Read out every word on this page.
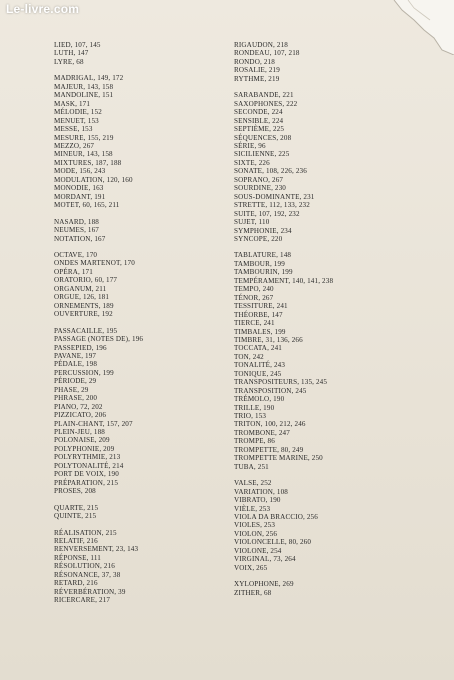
Le-livre.com
LIED, 107, 145
LUTH, 147
LYRE, 68
MADRIGAL, 149, 172
MAJEUR, 143, 158
MANDOLINE, 151
MASK, 171
MÉLODIE, 152
MENUET, 153
MESSE, 153
MESURE, 155, 219
MEZZO, 267
MINEUR, 143, 158
MIXTURES, 187, 188
MODE, 156, 243
MODULATION, 120, 160
MONODIE, 163
MORDANT, 191
MOTET, 60, 165, 211
NASARD, 188
NEUMES, 167
NOTATION, 167
OCTAVE, 170
ONDES MARTENOT, 170
OPÉRA, 171
ORATORIO, 60, 177
ORGANUM, 211
ORGUE, 126, 181
ORNEMENTS, 189
OUVERTURE, 192
PASSACAILLE, 195
PASSAGE (NOTES DE), 196
PASSEPIED, 196
PAVANE, 197
PÉDALE, 198
PERCUSSION, 199
PÉRIODE, 29
PHASE, 29
PHRASE, 200
PIANO, 72, 202
PIZZICATO, 206
PLAIN-CHANT, 157, 207
PLEIN-JEU, 188
POLONAISE, 209
POLYPHONIE, 209
POLYRYTHMIE, 213
POLYTONALITÉ, 214
PORT DE VOIX, 190
PRÉPARATION, 215
PROSES, 208
QUARTE, 215
QUINTE, 215
RÉALISATION, 215
RELATIF, 216
RENVERSEMENT, 23, 143
RÉPONSE, 111
RÉSOLUTION, 216
RÉSONANCE, 37, 38
RETARD, 216
RÉVERBÉRATION, 39
RICERCARE, 217
RIGAUDON, 218
RONDEAU, 107, 218
RONDO, 218
ROSALIE, 219
RYTHME, 219
SARABANDE, 221
SAXOPHONES, 222
SECONDE, 224
SENSIBLE, 224
SEPTIÈME, 225
SÉQUENCES, 208
SÉRIE, 96
SICILIENNE, 225
SIXTE, 226
SONATE, 108, 226, 236
SOPRANO, 267
SOURDINE, 230
SOUS-DOMINANTE, 231
STRETTE, 112, 133, 232
SUITE, 107, 192, 232
SUJET, 110
SYMPHONIE, 234
SYNCOPE, 220
TABLATURE, 148
TAMBOUR, 199
TAMBOURIN, 199
TEMPÉRAMENT, 140, 141, 238
TEMPO, 240
TÉNOR, 267
TESSITURE, 241
THÉORBE, 147
TIERCE, 241
TIMBALES, 199
TIMBRE, 31, 136, 266
TOCCATA, 241
TON, 242
TONALITÉ, 243
TONIQUE, 245
TRANSPOSITEURS, 135, 245
TRANSPOSITION, 245
TRÉMOLO, 190
TRILLE, 190
TRIO, 153
TRITON, 100, 212, 246
TROMBONE, 247
TROMPE, 86
TROMPETTE, 80, 249
TROMPETTE MARINE, 250
TUBA, 251
VALSE, 252
VARIATION, 108
VIBRATO, 190
VIÈLE, 253
VIOLA DA BRACCIO, 256
VIOLES, 253
VIOLON, 256
VIOLONCELLE, 80, 260
VIOLONE, 254
VIRGINAL, 73, 264
VOIX, 265
XYLOPHONE, 269
ZITHER, 68
